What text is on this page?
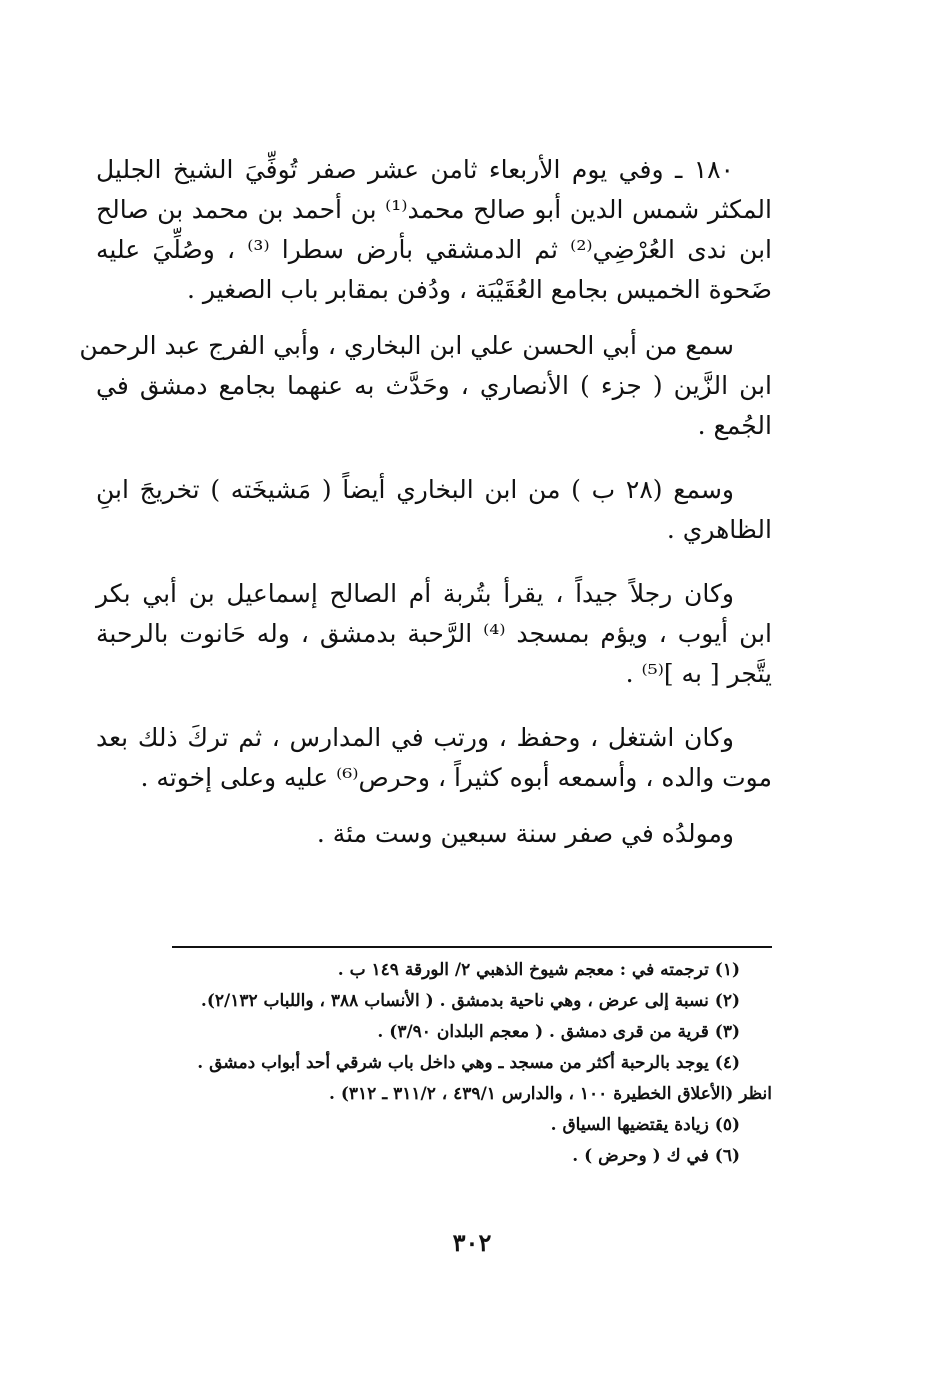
١٨٠ ـ وفي يوم الأربعاء ثامن عشر صفر تُوفِّيَ الشيخ الجليل
المكثر شمس الدين أبو صالح محمد⁽¹⁾ بن أحمد بن محمد بن صالح
ابن ندى العُرْضِي⁽²⁾ ثم الدمشقي بأرض سطرا ⁽³⁾ ، وصُلِّيَ عليه
ضَحوة الخميس بجامع العُقَيْبَة ، ودُفن بمقابر باب الصغير .
سمع من أبي الحسن علي ابن البخاري ، وأبي الفرج عبد الرحمن
ابن الزَّين ( جزء ) الأنصاري ، وحَدَّث به عنهما بجامع دمشق في
الجُمع .
وسمع (٢٨ ب ) من ابن البخاري أيضاً ( مَشيخَته ) تخريجَ ابنِ
الظاهري .
وكان رجلاً جيداً ، يقرأ بتُربة أم الصالح إسماعيل بن أبي بكر
ابن أيوب ، ويؤم بمسجد ⁽⁴⁾ الرَّحبة بدمشق ، وله حَانوت بالرحبة
يتَّجر [ به ]⁽⁵⁾ .
وكان اشتغل ، وحفظ ، ورتب في المدارس ، ثم تركَ ذلك بعد
موت والده ، وأسمعه أبوه كثيراً ، وحرص⁽⁶⁾ عليه وعلى إخوته .
ومولدُه في صفر سنة سبعين وست مئة .
(١) ترجمته في : معجم شيوخ الذهبي ٢/ الورقة ١٤٩ ب .
(٢) نسبة إلى عرض ، وهي ناحية بدمشق . ( الأنساب ٣٨٨ ، واللباب ٢/١٣٢).
(٣) قرية من قرى دمشق . ( معجم البلدان ٣/٩٠) .
(٤) يوجد بالرحبة أكثر من مسجد ـ وهي داخل باب شرقي أحد أبواب دمشق .
انظر (الأعلاق الخطيرة ١٠٠ ، والدارس ٤٣٩/١ ، ٣١١/٢ ـ ٣١٢) .
(٥) زيادة يقتضيها السياق .
(٦) في ك ( وحرض ) .
٣٠٢
